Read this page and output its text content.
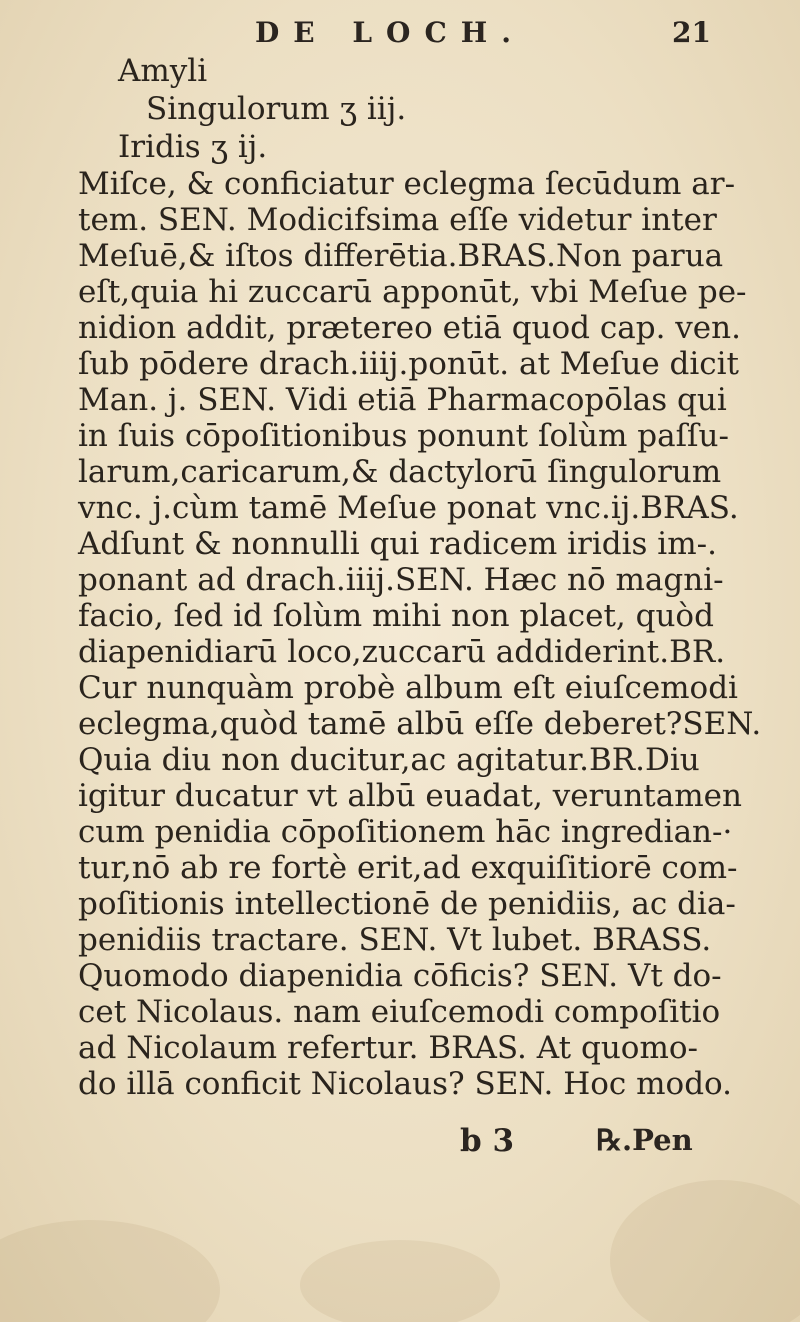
DE LOCH.	21
Amyli
Singulorum ʒ iij.
Iridis ʒ ij.
Miſce, & conficiatur eclegma ſecūdum ar-
tem. SEN. Modicifsima eſſe videtur inter
Meſuē,& iſtos differētia.BRAS.Non parua
eſt,quia hi zuccarū apponūt, vbi Meſue pe-
nidion addit, prætereo etiā quod cap. ven.
ſub pōdere drach.iiij.ponūt. at Meſue dicit
Man. j. SEN. Vidi etiā Pharmacopōlas qui
in ſuis cōpoſitionibus ponunt ſolùm paſſu-
larum,caricarum,& dactylorū ſingulorum
vnc. j.cùm tamē Meſue ponat vnc.ij.BRAS.
Adſunt & nonnulli qui radicem iridis im-.
ponant ad drach.iiij.SEN. Hæc nō magni-
facio, ſed id ſolùm mihi non placet, quòd
diapenidiarū loco,zuccarū addiderint.BR.
Cur nunquàm probè album eſt eiuſcemodi
eclegma,quòd tamē albū eſſe deberet?SEN.
Quia diu non ducitur,ac agitatur.BR.Diu
igitur ducatur vt albū euadat, veruntamen
cum penidia cōpoſitionem hāc ingredian-·
tur,nō ab re fortè erit,ad exquiſitiorē com-
poſitionis intellectionē de penidiis, ac dia-
penidiis tractare. SEN. Vt lubet. BRASS.
Quomodo diapenidia cōficis? SEN. Vt do-
cet Nicolaus. nam eiuſcemodi compoſitio
ad Nicolaum refertur. BRAS. At quomo-
do illā conficit Nicolaus? SEN. Hoc modo.
b 3	℞.Pen
